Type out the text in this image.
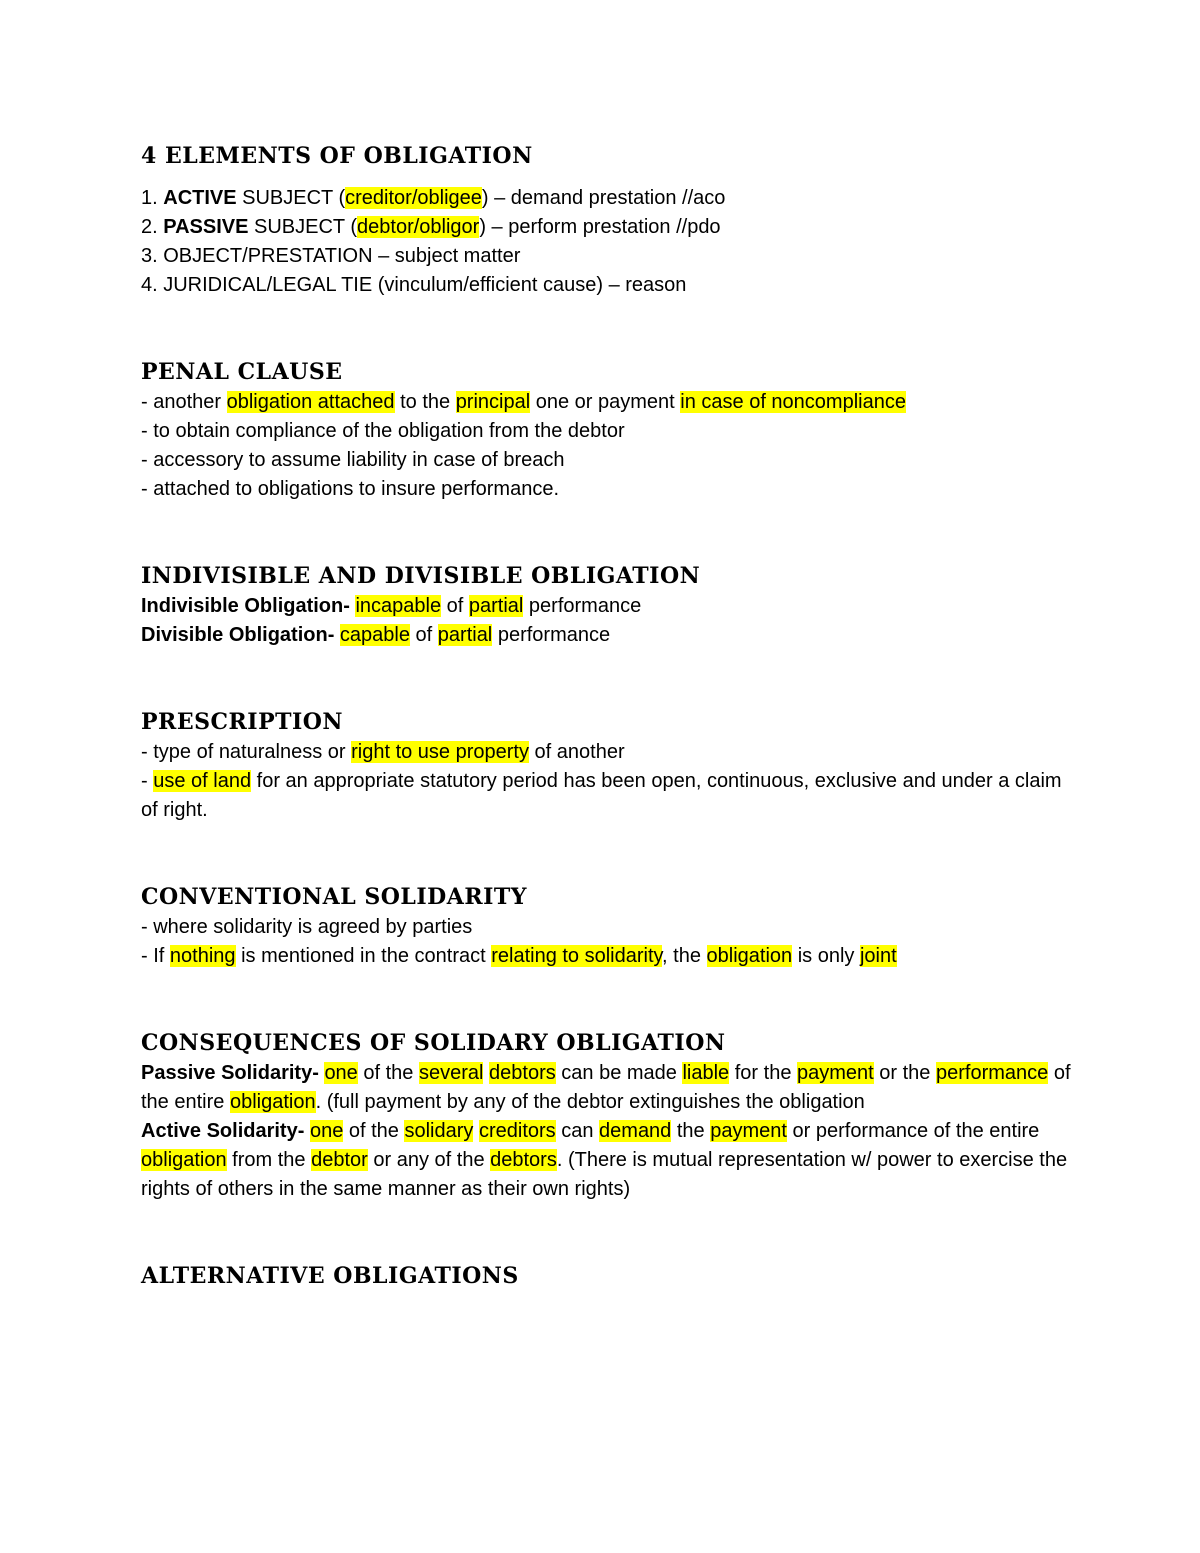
4 ELEMENTS OF OBLIGATION

1. ACTIVE SUBJECT (creditor/obligee) – demand prestation //aco

2. PASSIVE SUBJECT (debtor/obligor) – perform prestation //pdo

3. OBJECT/PRESTATION – subject matter

4. JURIDICAL/LEGAL TIE (vinculum/efficient cause) – reason

PENAL CLAUSE

- another obligation attached to the principal one or payment in case of noncompliance

- to obtain compliance of the obligation from the debtor

- accessory to assume liability in case of breach

- attached to obligations to insure performance.

INDIVISIBLE AND DIVISIBLE OBLIGATION

Indivisible Obligation- incapable of partial performance

Divisible Obligation- capable of partial performance

PRESCRIPTION

- type of naturalness or right to use property of another

- use of land for an appropriate statutory period has been open, continuous, exclusive and under a claim of right.

CONVENTIONAL SOLIDARITY

- where solidarity is agreed by parties

- If nothing is mentioned in the contract relating to solidarity, the obligation is only joint

CONSEQUENCES OF SOLIDARY OBLIGATION

Passive Solidarity- one of the several debtors can be made liable for the payment or the performance of the entire obligation. (full payment by any of the debtor extinguishes the obligation

Active Solidarity- one of the solidary creditors can demand the payment or performance of the entire obligation from the debtor or any of the debtors. (There is mutual representation w/ power to exercise the rights of others in the same manner as their own rights)

ALTERNATIVE OBLIGATIONS
